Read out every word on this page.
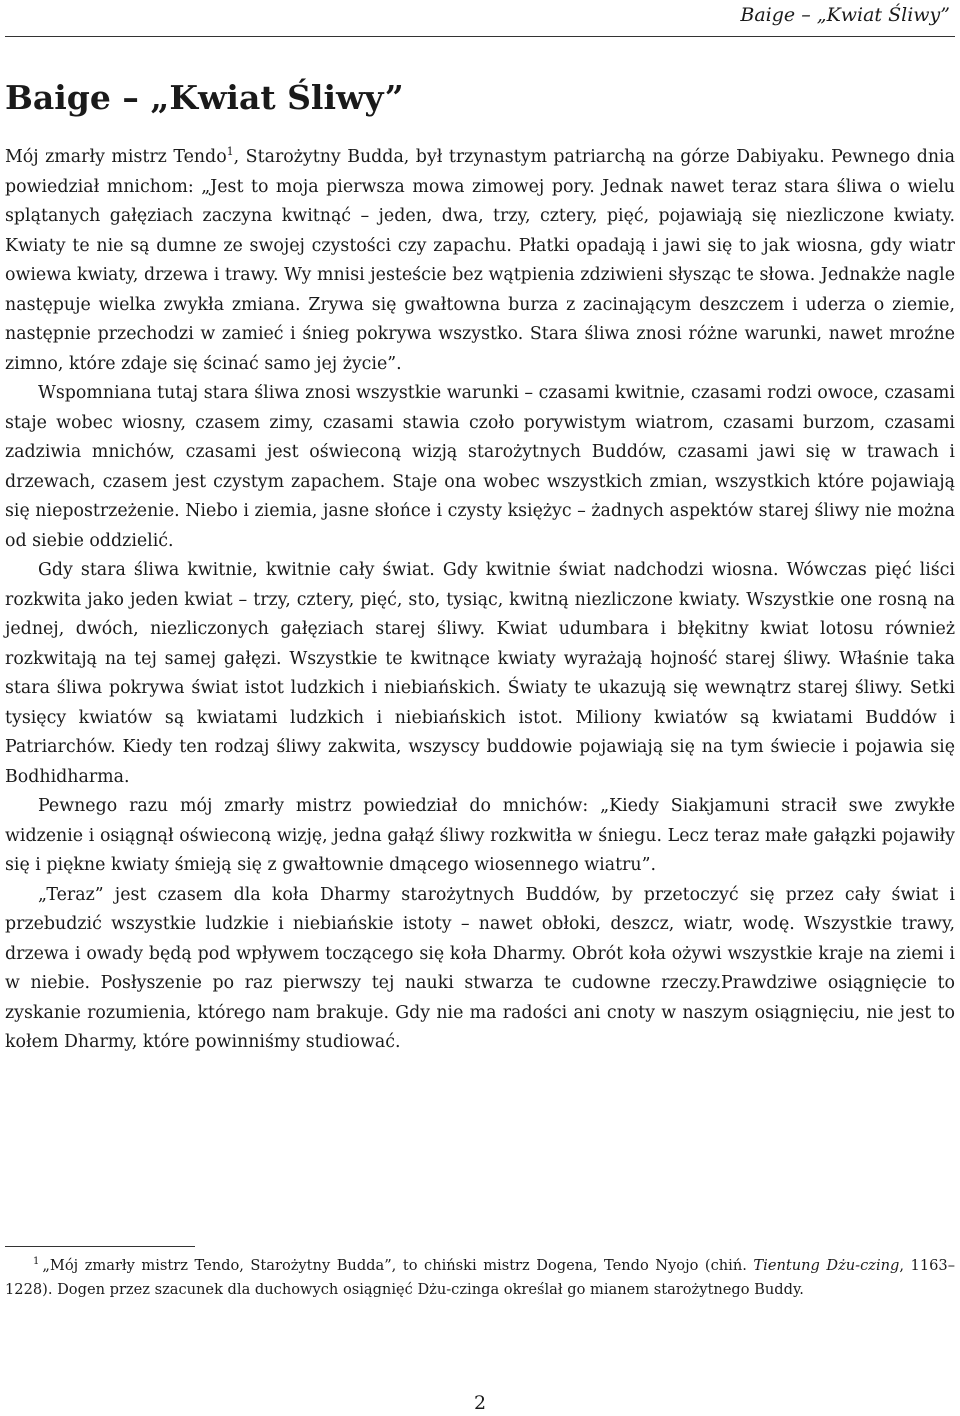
Baige – „Kwiat Śliwy”
Baige – „Kwiat Śliwy”

Mój zmarły mistrz Tendo$^1$, Starożytny Budda, był trzynastym patriarchą na górze Dabiyaku. Pewnego dnia powiedział mnichom: „Jest to moja pierwsza mowa zimowej pory. Jednak nawet teraz stara śliwa o wielu splątanych gałęziach zaczyna kwitnąć – jeden, dwa, trzy, cztery, pięć, pojawiają się niezliczone kwiaty. Kwiaty te nie są dumne ze swojej czystości czy zapachu. Płatki opadają i jawi się to jak wiosna, gdy wiatr owiewa kwiaty, drzewa i trawy. Wy mnisi jesteście bez wątpienia zdziwieni słysząc te słowa. Jednakże nagle następuje wielka zwykła zmiana. Zrywa się gwałtowna burza z zacinającym deszczem i uderza o ziemie, następnie przechodzi w zamieć i śnieg pokrywa wszystko. Stara śliwa znosi różne warunki, nawet mroźne zimno, które zdaje się ścinać samo jej życie”.

Wspomniana tutaj stara śliwa znosi wszystkie warunki – czasami kwitnie, czasami rodzi owoce, czasami staje wobec wiosny, czasem zimy, czasami stawia czoło porywistym wiatrom, czasami burzom, czasami zadziwia mnichów, czasami jest oświeconą wizją starożytnych Buddów, czasami jawi się w trawach i drzewach, czasem jest czystym zapachem. Staje ona wobec wszystkich zmian, wszystkich które pojawiają się niepostrzeżenie. Niebo i ziemia, jasne słońce i czysty księżyc – żadnych aspektów starej śliwy nie można od siebie oddzielić.

Gdy stara śliwa kwitnie, kwitnie cały świat. Gdy kwitnie świat nadchodzi wiosna. Wówczas pięć liści rozkwita jako jeden kwiat – trzy, cztery, pięć, sto, tysiąc, kwitną niezliczone kwiaty. Wszystkie one rosną na jednej, dwóch, niezliczonych gałęziach starej śliwy. Kwiat udumbara i błękitny kwiat lotosu również rozkwitają na tej samej gałęzi. Wszystkie te kwitnące kwiaty wyrażają hojność starej śliwy. Właśnie taka stara śliwa pokrywa świat istot ludzkich i niebiańskich. Światy te ukazują się wewnątrz starej śliwy. Setki tysięcy kwiatów są kwiatami ludzkich i niebiańskich istot. Miliony kwiatów są kwiatami Buddów i Patriarchów. Kiedy ten rodzaj śliwy zakwita, wszyscy buddowie pojawiają się na tym świecie i pojawia się Bodhidharma.

Pewnego razu mój zmarły mistrz powiedział do mnichów: „Kiedy Siakjamuni stracił swe zwykłe widzenie i osiągnął oświeconą wizję, jedna gałąź śliwy rozkwitła w śniegu. Lecz teraz małe gałązki pojawiły się i piękne kwiaty śmieją się z gwałtownie dmącego wiosennego wiatru”.

„Teraz” jest czasem dla koła Dharmy starożytnych Buddów, by przetoczyć się przez cały świat i przebudzić wszystkie ludzkie i niebiańskie istoty – nawet obłoki, deszcz, wiatr, wodę. Wszystkie trawy, drzewa i owady będą pod wpływem toczącego się koła Dharmy. Obrót koła ożywi wszystkie kraje na ziemi i w niebie. Posłyszenie po raz pierwszy tej nauki stwarza te cudowne rzeczy.Prawdziwe osiągnięcie to zyskanie rozumienia, którego nam brakuje. Gdy nie ma radości ani cnoty w naszym osiągnięciu, nie jest to kołem Dharmy, które powinniśmy studiować.

$^1$ „Mój zmarły mistrz Tendo, Starożytny Budda”, to chiński mistrz Dogena, Tendo Nyojo (chiń. Tientung Dżu-czing, 1163–1228). Dogen przez szacunek dla duchowych osiągnięć Dżu-czinga określał go mianem starożytnego Buddy.

2
